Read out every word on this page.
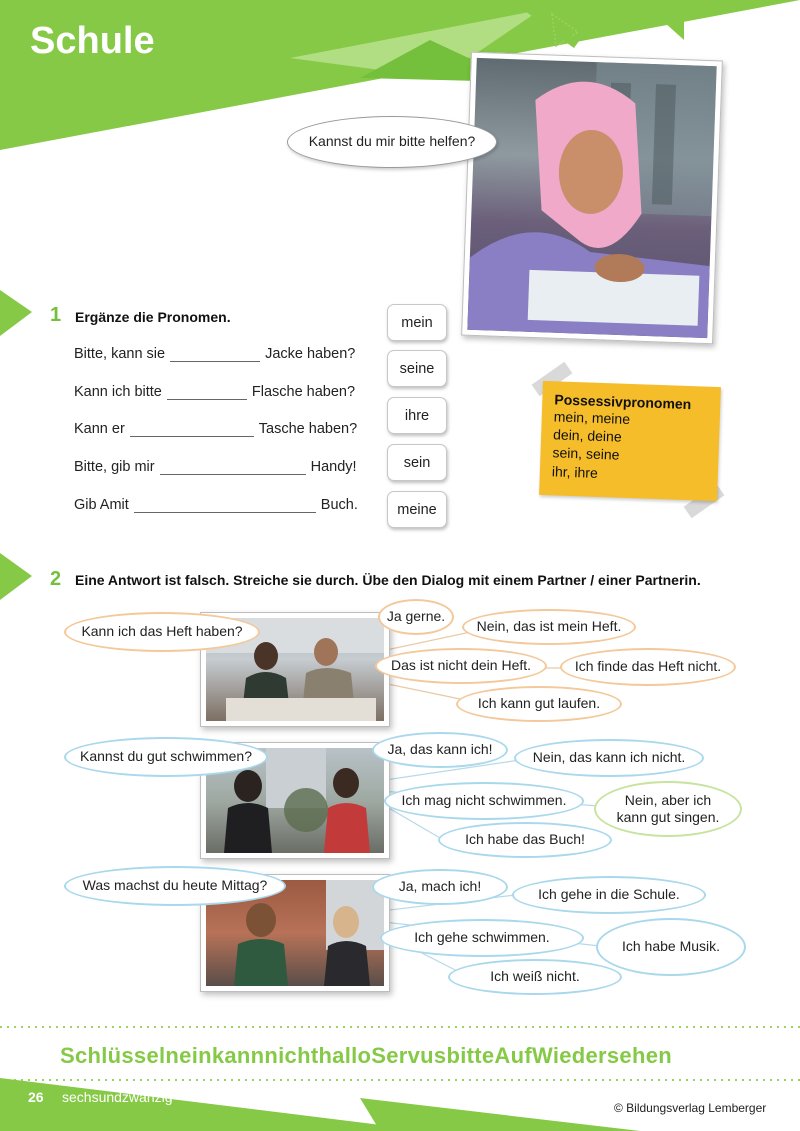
Schule
Kannst du mir bitte helfen?
1 Ergänze die Pronomen.
Bitte, kann sie	Jacke haben?
Kann ich bitte	Flasche haben?
Kann er	Tasche haben?
Bitte, gib mir	Handy!
Gib Amit	Buch.
mein
seine
ihre
sein
meine
Possessivpronomen
mein, meine
dein, deine
sein, seine
ihr, ihre
2 Eine Antwort ist falsch. Streiche sie durch. Übe den Dialog mit einem Partner / einer Partnerin.
Kann ich das Heft haben?
Ja gerne.
Nein, das ist mein Heft.
Das ist nicht dein Heft.	Ich finde das Heft nicht.
Ich kann gut laufen.
Kannst du gut schwimmen?	Ja, das kann ich!	Nein, das kann ich nicht.
Ich mag nicht schwimmen.	Nein, aber ich kann gut singen.
Ich habe das Buch!
Was machst du heute Mittag?	Ja, mach ich!	Ich gehe in die Schule.
Ich gehe schwimmen.
Ich habe Musik.
Ich weiß nicht.
SchlüsselneinkannnichthalloServusbitteAufWiedersehen
26 sechsundzwanzig
© Bildungsverlag Lemberger
